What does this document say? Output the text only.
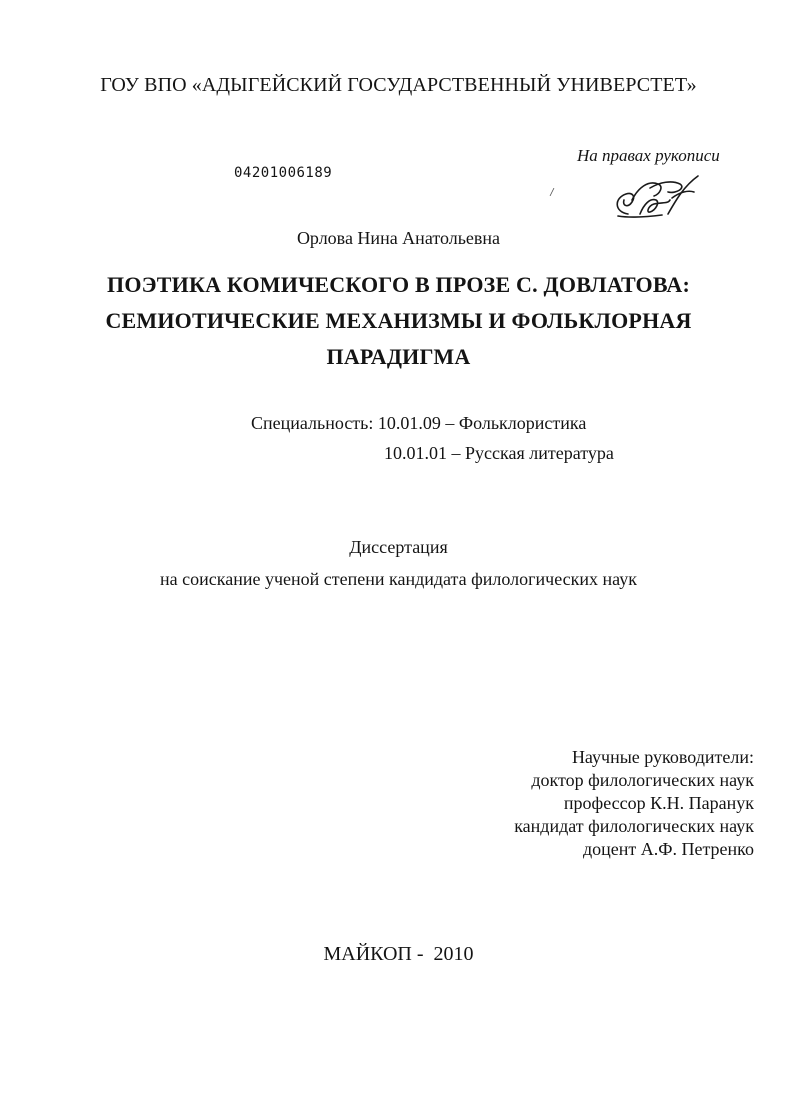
ГОУ ВПО «АДЫГЕЙСКИЙ ГОСУДАРСТВЕННЫЙ УНИВЕРСТЕТ»
04201006189
На правах рукописи
Орлова Нина Анатольевна
ПОЭТИКА КОМИЧЕСКОГО В ПРОЗЕ С. ДОВЛАТОВА:
СЕМИОТИЧЕСКИЕ МЕХАНИЗМЫ И ФОЛЬКЛОРНАЯ
ПАРАДИГМА
Специальность: 10.01.09 – Фольклористика
10.01.01 – Русская литература
Диссертация
на соискание ученой степени кандидата филологических наук
Научные руководители:
доктор филологических наук
профессор К.Н. Паранук
кандидат филологических наук
доцент А.Ф. Петренко
МАЙКОП -  2010
